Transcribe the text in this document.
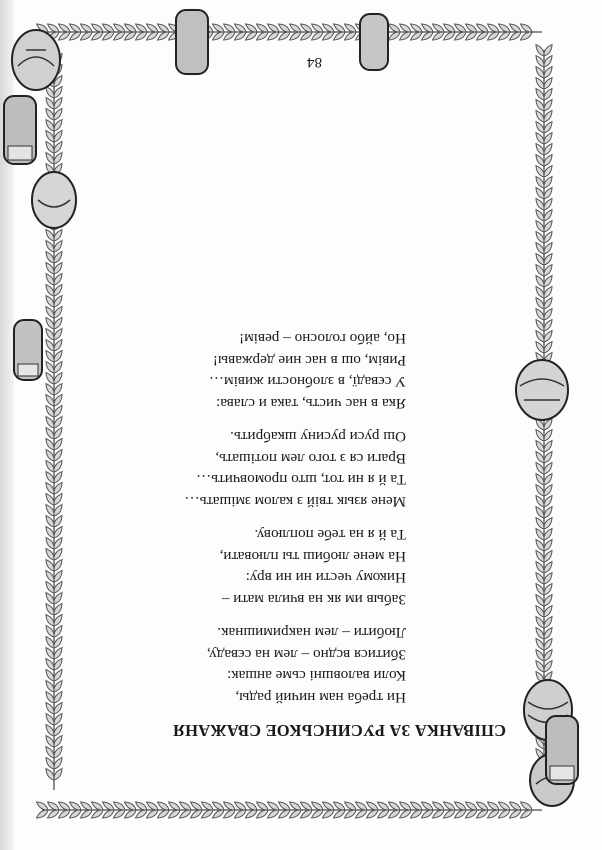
СПІВАНКА ЗА РУСИНСЬКОЕ СВАЖАНЯ
Ни треба нам ничий рады,
Коли валовшні сьме аншак:
Збитися всдно – лем на сєваду,
Любити – лем накримишнак.
Забыв им як на вчила мати –
Никому чести ни ни вру:
На мене любиш ты плювати,
Та й я на тебе поплюву.
Мене язык твій з калом змішать…
Та й я ни тот, што промовчить…
Враги ся з того лем потішать,
Ош руси русину шкабрить.
Яка в нас чисть, така и слава:
У сєвадї, в злобности живім…
Ривім, ош в нас ние державы!
Но, айбо голосно – ревім!
84
